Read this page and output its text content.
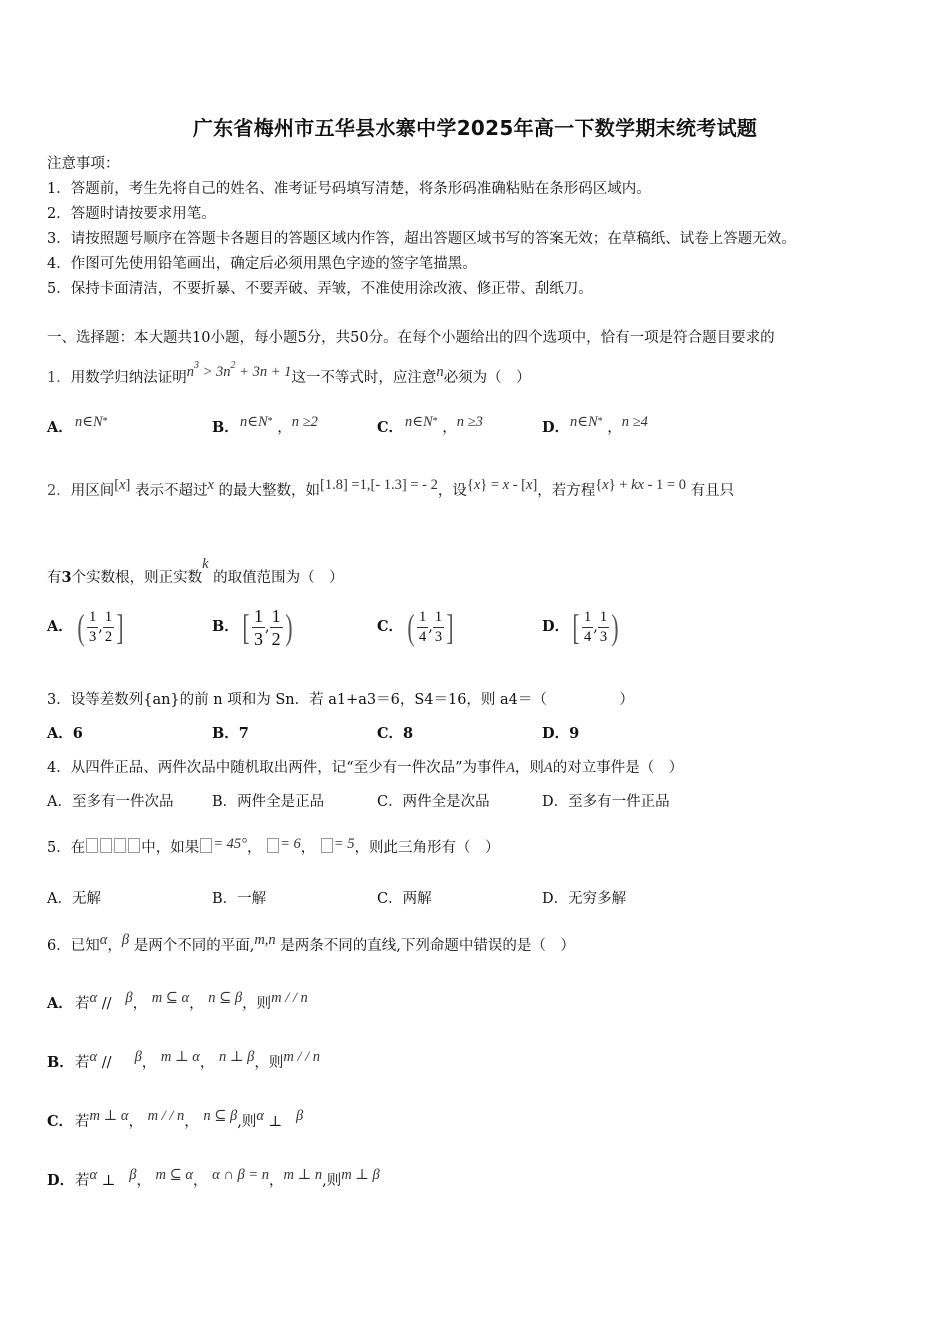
广东省梅州市五华县水寨中学2025年高一下数学期末统考试题
注意事项：
1．答题前，考生先将自己的姓名、准考证号码填写清楚，将条形码准确粘贴在条形码区域内。
2．答题时请按要求用笔。
3．请按照题号顺序在答题卡各题目的答题区域内作答，超出答题区域书写的答案无效；在草稿纸、试卷上答题无效。
4．作图可先使用铅笔画出，确定后必须用黑色字迹的签字笔描黑。
5．保持卡面清洁，不要折暴、不要弄破、弄皱，不准使用涂改液、修正带、刮纸刀。
一、选择题：本大题共10小题，每小题5分，共50分。在每个小题给出的四个选项中，恰有一项是符合题目要求的
1．用数学归纳法证明$n^3 > 3n^2 + 3n + 1$这一不等式时，应注意n必须为（　）
A． n∈N*	B．n∈N* ，n ≥2	C． n∈N* ，n ≥3	D．n∈N* ，n ≥4
2．用区间[x] 表示不超过x 的最大整数，如[1.8] =1,[- 1.3] = - 2，设{x} = x - [x]，若方程{x} + kx - 1 = 0 有且只
有3个实数根，则正实数k 的取值范围为（　）
A． ( $\frac{1}{3}$ , $\frac{1}{2}$ ]	B． [ $\frac{1}{3}$ , $\frac{1}{2}$ )	C． ( $\frac{1}{4}$ , $\frac{1}{3}$ ]	D．[ $\frac{1}{4}$ , $\frac{1}{3}$ )
3．设等差数列{an}的前 n 项和为 Sn．若 a1+a3＝6，S4＝16，则 a4＝（　　　　　）
A．6	B．7	C．8	D．9
4．从四件正品、两件次品中随机取出两件，记“至少有一件次品”为事件A，则A的对立事件是（　）
A．至多有一件次品	B．两件全是正品	C．两件全是次品	D．至多有一件正品
5．在	中，如果 = 45°， = 6， = 5，则此三角形有（　）
A．无解	B．一解	C．两解	D．无穷多解
6．已知α，β 是两个不同的平面,m,n 是两条不同的直线,下列命题中错误的是（　）
A． 若α //   β， m ⊆ α， n ⊆ β，则m / / n
B．若α //     β， m ⊥ α， n ⊥ β，则m / / n
C． 若m ⊥ α， m / / n， n ⊆ β,则α ⊥   β
D．若α ⊥   β， m ⊆ α， α ∩ β = n，m ⊥ n,则m ⊥ β
